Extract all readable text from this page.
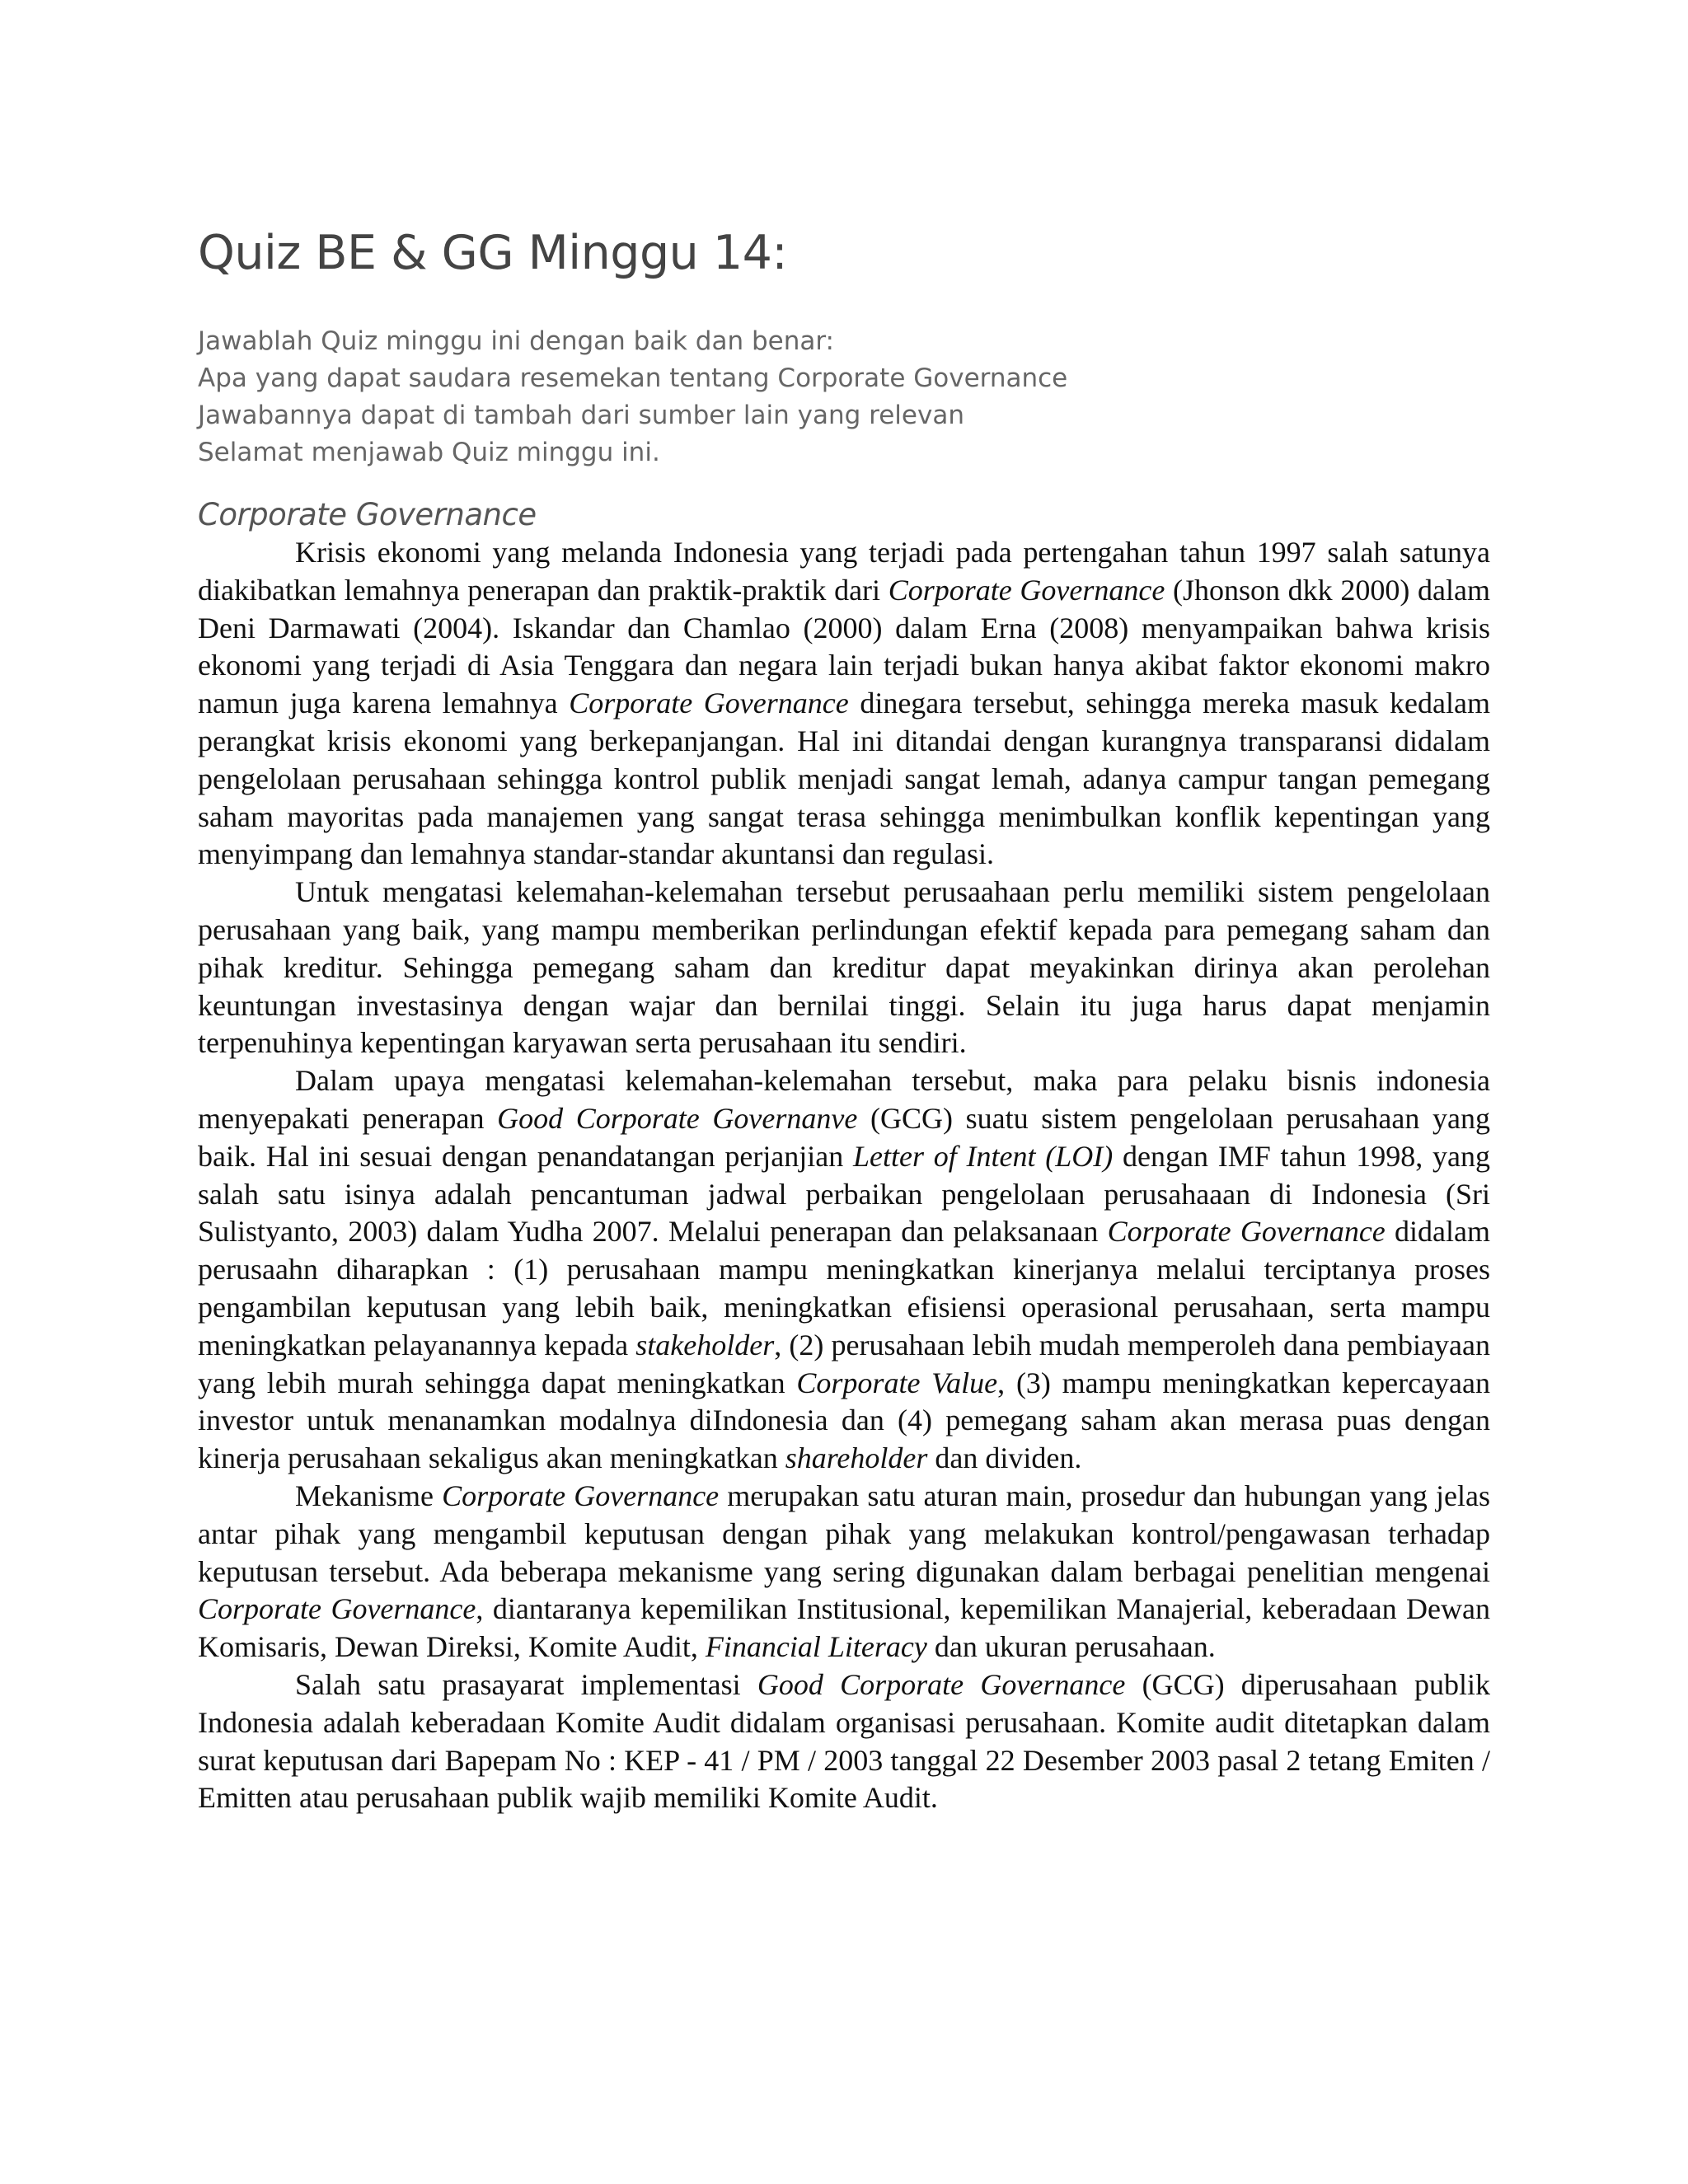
Quiz BE & GG Minggu 14:
Jawablah Quiz minggu ini dengan baik dan benar:
Apa yang dapat saudara resemekan tentang Corporate Governance
Jawabannya dapat di tambah dari sumber lain yang relevan
Selamat menjawab Quiz minggu ini.
Corporate Governance

Krisis ekonomi yang melanda Indonesia yang terjadi pada pertengahan tahun 1997 salah satunya diakibatkan lemahnya penerapan dan praktik-praktik dari Corporate Governance (Jhonson dkk 2000) dalam Deni Darmawati (2004). Iskandar dan Chamlao (2000) dalam Erna (2008) menyampaikan bahwa krisis ekonomi yang terjadi di Asia Tenggara dan negara lain terjadi bukan hanya akibat faktor ekonomi makro namun juga karena lemahnya Corporate Governance dinegara tersebut, sehingga mereka masuk kedalam perangkat krisis ekonomi yang berkepanjangan. Hal ini ditandai dengan kurangnya transparansi didalam pengelolaan perusahaan sehingga kontrol publik menjadi sangat lemah, adanya campur tangan pemegang saham mayoritas pada manajemen yang sangat terasa sehingga menimbulkan konflik kepentingan yang menyimpang dan lemahnya standar-standar akuntansi dan regulasi.

Untuk mengatasi kelemahan-kelemahan tersebut perusaahaan perlu memiliki sistem pengelolaan perusahaan yang baik, yang mampu memberikan perlindungan efektif kepada para pemegang saham dan pihak kreditur. Sehingga pemegang saham dan kreditur dapat meyakinkan dirinya akan perolehan keuntungan investasinya dengan wajar dan bernilai tinggi. Selain itu juga harus dapat menjamin terpenuhinya kepentingan karyawan serta perusahaan itu sendiri.

Dalam upaya mengatasi kelemahan-kelemahan tersebut, maka para pelaku bisnis indonesia menyepakati penerapan Good Corporate Governanve (GCG) suatu sistem pengelolaan perusahaan yang baik. Hal ini sesuai dengan penandatangan perjanjian Letter of Intent (LOI) dengan IMF tahun 1998, yang salah satu isinya adalah pencantuman jadwal perbaikan pengelolaan perusahaaan di Indonesia (Sri Sulistyanto, 2003) dalam Yudha 2007. Melalui penerapan dan pelaksanaan Corporate Governance didalam perusaahn diharapkan : (1) perusahaan mampu meningkatkan kinerjanya melalui terciptanya proses pengambilan keputusan yang lebih baik, meningkatkan efisiensi operasional perusahaan, serta mampu meningkatkan pelayanannya kepada stakeholder, (2) perusahaan lebih mudah memperoleh dana pembiayaan yang lebih murah sehingga dapat meningkatkan Corporate Value, (3) mampu meningkatkan kepercayaan investor untuk menanamkan modalnya diIndonesia dan (4) pemegang saham akan merasa puas dengan kinerja perusahaan sekaligus akan meningkatkan shareholder dan dividen.

Mekanisme Corporate Governance merupakan satu aturan main, prosedur dan hubungan yang jelas antar pihak yang mengambil keputusan dengan pihak yang melakukan kontrol/pengawasan terhadap keputusan tersebut. Ada beberapa mekanisme yang sering digunakan dalam berbagai penelitian mengenai Corporate Governance, diantaranya kepemilikan Institusional, kepemilikan Manajerial, keberadaan Dewan Komisaris, Dewan Direksi, Komite Audit, Financial Literacy dan ukuran perusahaan.

Salah satu prasayarat implementasi Good Corporate Governance (GCG) diperusahaan publik Indonesia adalah keberadaan Komite Audit didalam organisasi perusahaan. Komite audit ditetapkan dalam surat keputusan dari Bapepam No : KEP - 41 / PM / 2003 tanggal 22 Desember 2003 pasal 2 tetang Emiten / Emitten atau perusahaan publik wajib memiliki Komite Audit.
